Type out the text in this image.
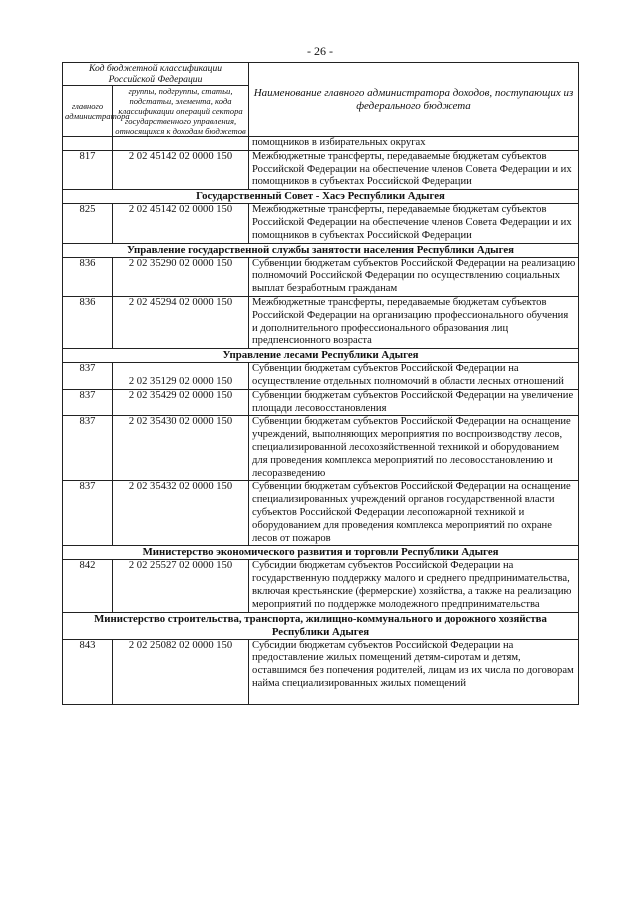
- 26 -
Код бюджетной классификации Российской Федерации		Наименование главного администратора доходов, поступающих из федерального бюджета
главного администратора	группы, подгруппы, статьи, подстатьи, элемента, кода классификации операций сектора государственного управления, относящихся к доходам бюджетов	
		помощников в избирательных округах
817	2 02 45142 02 0000 150	Межбюджетные трансферты, передаваемые бюджетам субъектов Российской Федерации на обеспечение членов Совета Федерации и их помощников в субъектах Российской Федерации
Государственный Совет - Хасэ Республики Адыгея		
825	2 02 45142 02 0000 150	Межбюджетные трансферты, передаваемые бюджетам субъектов Российской Федерации на обеспечение членов Совета Федерации и их помощников в субъектах Российской Федерации
Управление государственной службы занятости населения Республики Адыгея		
836	2 02 35290 02 0000 150	Субвенции бюджетам субъектов Российской Федерации на реализацию полномочий Российской Федерации по осуществлению социальных выплат безработным гражданам
836	2 02 45294 02 0000 150	Межбюджетные трансферты, передаваемые бюджетам субъектов Российской Федерации на организацию профессионального обучения и дополнительного профессионального образования лиц предпенсионного возраста
Управление лесами Республики Адыгея		
837	2 02 35129 02 0000 150	Субвенции бюджетам субъектов Российской Федерации на осуществление отдельных полномочий в области лесных отношений
837	2 02 35429 02 0000 150	Субвенции бюджетам субъектов Российской Федерации на увеличение площади лесовосстановления
837	2 02 35430 02 0000 150	Субвенции бюджетам субъектов Российской Федерации на оснащение учреждений, выполняющих мероприятия по воспроизводству лесов, специализированной лесохозяйственной техникой и оборудованием для проведения комплекса мероприятий по лесовосстановлению и лесоразведению
837	2 02 35432 02 0000 150	Субвенции бюджетам субъектов Российской Федерации на оснащение специализированных учреждений органов государственной власти субъектов Российской Федерации лесопожарной техникой и оборудованием для проведения комплекса мероприятий по охране лесов от пожаров
Министерство экономического развития и торговли Республики Адыгея		
842	2 02 25527 02 0000 150	Субсидии бюджетам субъектов Российской Федерации на государственную поддержку малого и среднего предпринимательства, включая крестьянские (фермерские) хозяйства, а также на реализацию мероприятий по поддержке молодежного предпринимательства
Министерство строительства, транспорта, жилищно-коммунального и дорожного хозяйства Республики Адыгея		
843	2 02 25082 02 0000 150	Субсидии бюджетам субъектов Российской Федерации на предоставление жилых помещений детям-сиротам и детям, оставшимся без попечения родителей, лицам из их числа по договорам найма специализированных жилых помещений
